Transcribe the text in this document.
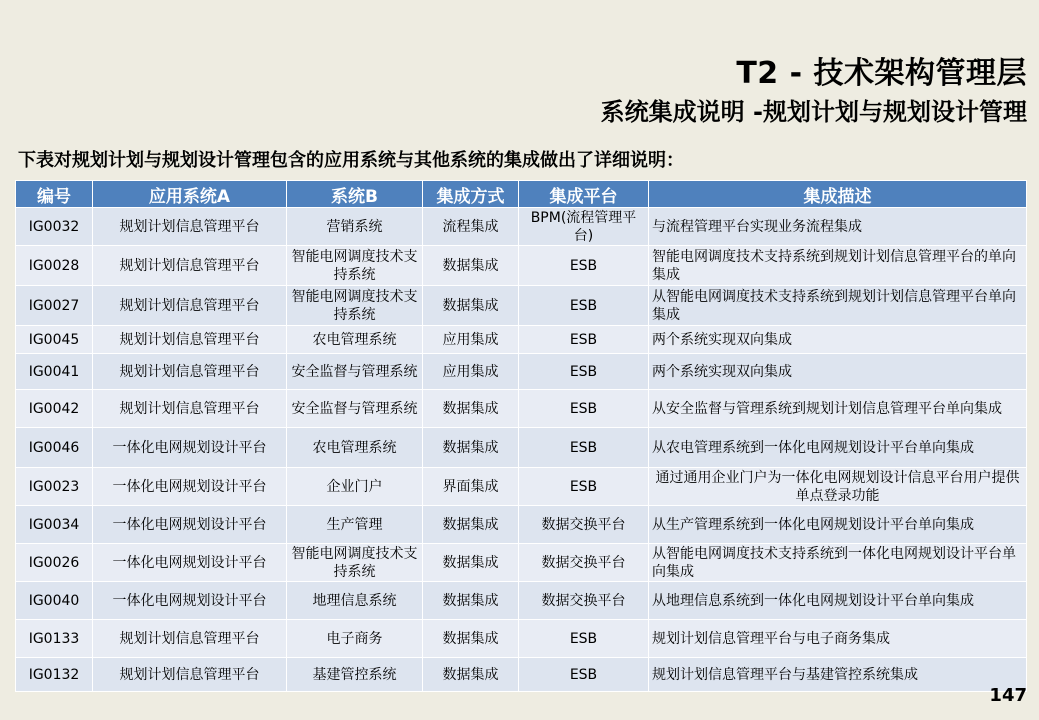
T2 - 技术架构管理层
系统集成说明 -规划计划与规划设计管理
下表对规划计划与规划设计管理包含的应用系统与其他系统的集成做出了详细说明：
编号	应用系统A	系统B	集成方式	集成平台	集成描述
IG0032	规划计划信息管理平台	营销系统	流程集成	BPM(流程管理平台)	与流程管理平台实现业务流程集成
IG0028	规划计划信息管理平台	智能电网调度技术支持系统	数据集成	ESB	智能电网调度技术支持系统到规划计划信息管理平台的单向集成
IG0027	规划计划信息管理平台	智能电网调度技术支持系统	数据集成	ESB	从智能电网调度技术支持系统到规划计划信息管理平台单向集成
IG0045	规划计划信息管理平台	农电管理系统	应用集成	ESB	两个系统实现双向集成
IG0041	规划计划信息管理平台	安全监督与管理系统	应用集成	ESB	两个系统实现双向集成
IG0042	规划计划信息管理平台	安全监督与管理系统	数据集成	ESB	从安全监督与管理系统到规划计划信息管理平台单向集成
IG0046	一体化电网规划设计平台	农电管理系统	数据集成	ESB	从农电管理系统到一体化电网规划设计平台单向集成
IG0023	一体化电网规划设计平台	企业门户	界面集成	ESB	通过通用企业门户为一体化电网规划设计信息平台用户提供单点登录功能
IG0034	一体化电网规划设计平台	生产管理	数据集成	数据交换平台	从生产管理系统到一体化电网规划设计平台单向集成
IG0026	一体化电网规划设计平台	智能电网调度技术支持系统	数据集成	数据交换平台	从智能电网调度技术支持系统到一体化电网规划设计平台单向集成
IG0040	一体化电网规划设计平台	地理信息系统	数据集成	数据交换平台	从地理信息系统到一体化电网规划设计平台单向集成
IG0133	规划计划信息管理平台	电子商务	数据集成	ESB	规划计划信息管理平台与电子商务集成
IG0132	规划计划信息管理平台	基建管控系统	数据集成	ESB	规划计划信息管理平台与基建管控系统集成
147
